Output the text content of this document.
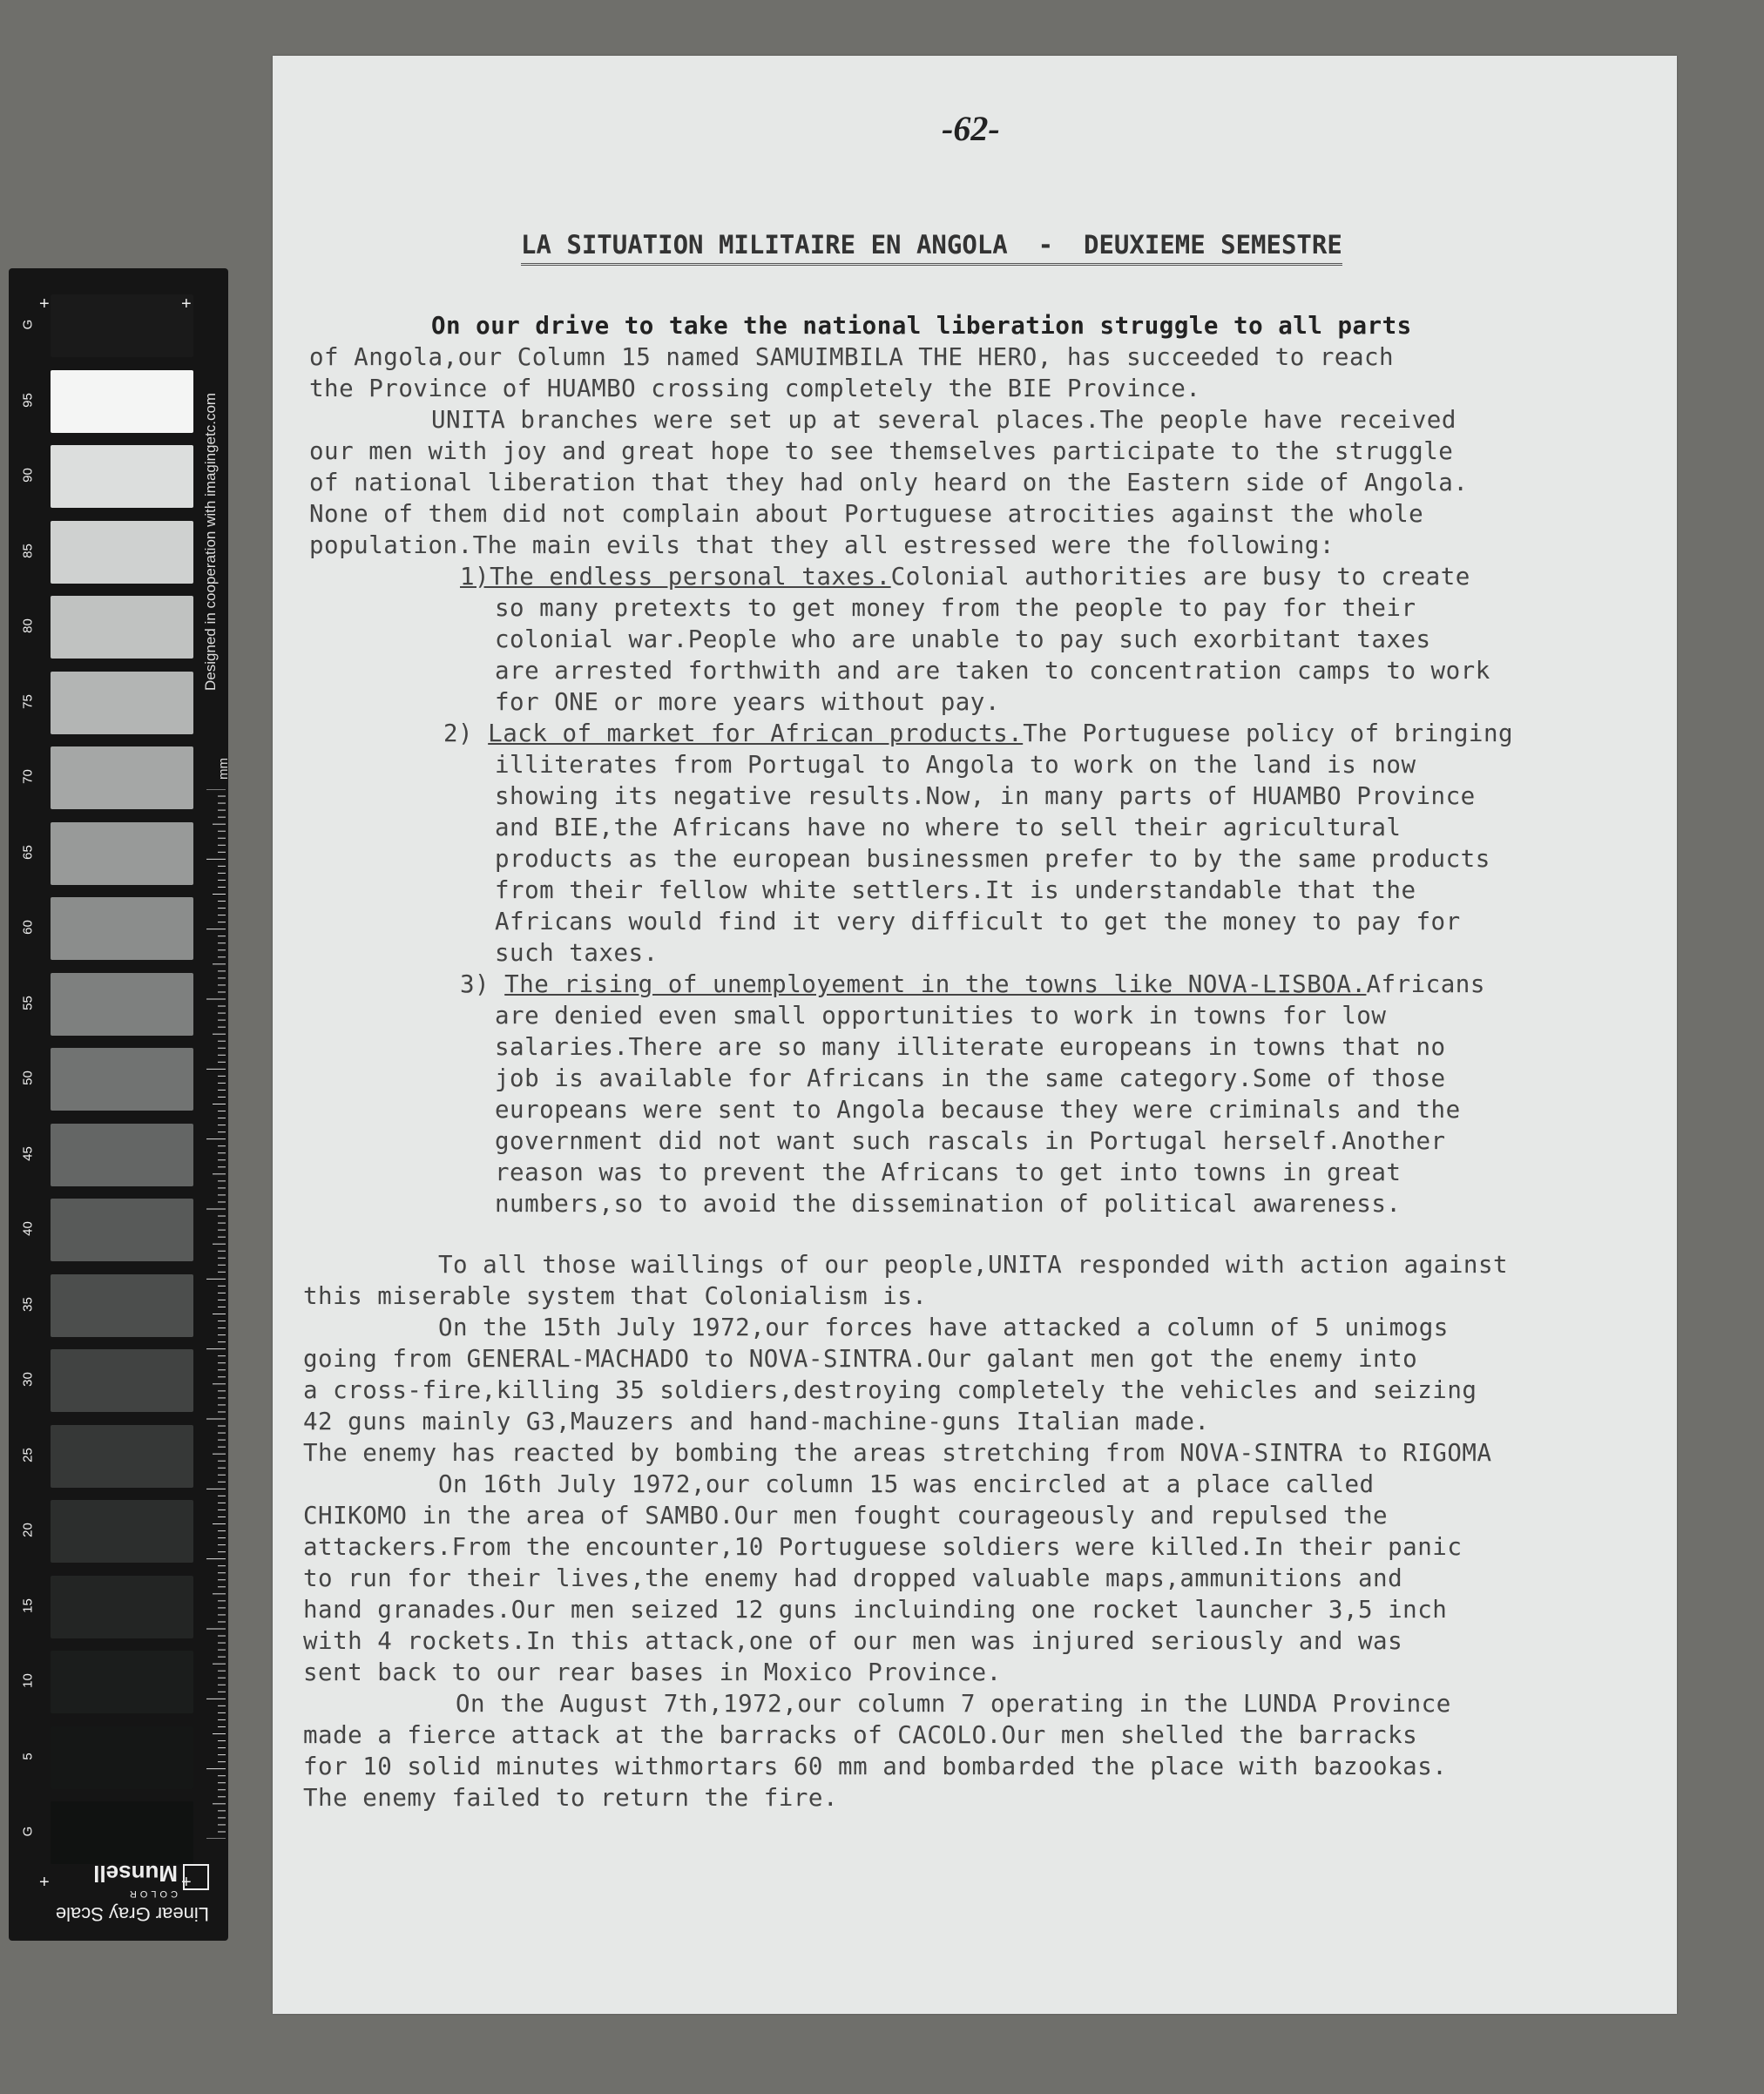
G
95
90
85
80
75
70
65
60
55
50
45
40
35
30
25
20
15
10
5
G
+	+
+	+
Designed in cooperation with imagingetc.com
mm
Linear Gray Scale
COLOR
Munsell
-62-
LA SITUATION MILITAIRE EN ANGOLA  -  DEUXIEME SEMESTRE
On our drive to take the national liberation struggle to all parts
of Angola,our Column 15 named SAMUIMBILA THE HERO, has succeeded to reach
the Province of HUAMBO crossing completely the BIE Province.
UNITA branches were set up at several places.The people have received
our men with joy and great hope to see themselves participate to the struggle
of national liberation that they had only heard on the Eastern side of Angola.
None of them did not complain about Portuguese atrocities against the whole
population.The main evils that they all estressed were the following:
1)The endless personal taxes.Colonial authorities are busy to create
so many pretexts to get money from the people to pay for their
colonial war.People who are unable to pay such exorbitant taxes
are arrested forthwith and are taken to concentration camps to work
for ONE or more years without pay.
2) Lack of market for African products.The Portuguese policy of bringing
illiterates from Portugal to Angola to work on the land is now
showing its negative results.Now, in many parts of HUAMBO Province
and BIE,the Africans have no where to sell their agricultural
products as the european businessmen prefer to by the same products
from their fellow white settlers.It is understandable that the
Africans would find it very difficult to get the money to pay for
such taxes.
3) The rising of unemployement in the towns like NOVA-LISBOA.Africans
are denied even small opportunities to work in towns for low
salaries.There are so many illiterate europeans in towns that no
job is available for Africans in the same category.Some of those
europeans were sent to Angola because they were criminals and the
government did not want such rascals in Portugal herself.Another
reason was to prevent the Africans to get into towns in great
numbers,so to avoid the dissemination of political awareness.
To all those waillings of our people,UNITA responded with action against
this miserable system that Colonialism is.
On the 15th July 1972,our forces have attacked a column of 5 unimogs
going from GENERAL-MACHADO to NOVA-SINTRA.Our galant men got the enemy into
a cross-fire,killing 35 soldiers,destroying completely the vehicles and seizing
42 guns mainly G3,Mauzers and hand-machine-guns Italian made.
The enemy has reacted by bombing the areas stretching from NOVA-SINTRA to RIGOMA
On 16th July 1972,our column 15 was encircled at a place called
CHIKOMO in the area of SAMBO.Our men fought courageously and repulsed the
attackers.From the encounter,10 Portuguese soldiers were killed.In their panic
to run for their lives,the enemy had dropped valuable maps,ammunitions and
hand granades.Our men seized 12 guns incluinding one rocket launcher 3,5 inch
with 4 rockets.In this attack,one of our men was injured seriously and was
sent back to our rear bases in Moxico Province.
On the August 7th,1972,our column 7 operating in the LUNDA Province
made a fierce attack at the barracks of CACOLO.Our men shelled the barracks
for 10 solid minutes withmortars 60 mm and bombarded the place with bazookas.
The enemy failed to return the fire.
